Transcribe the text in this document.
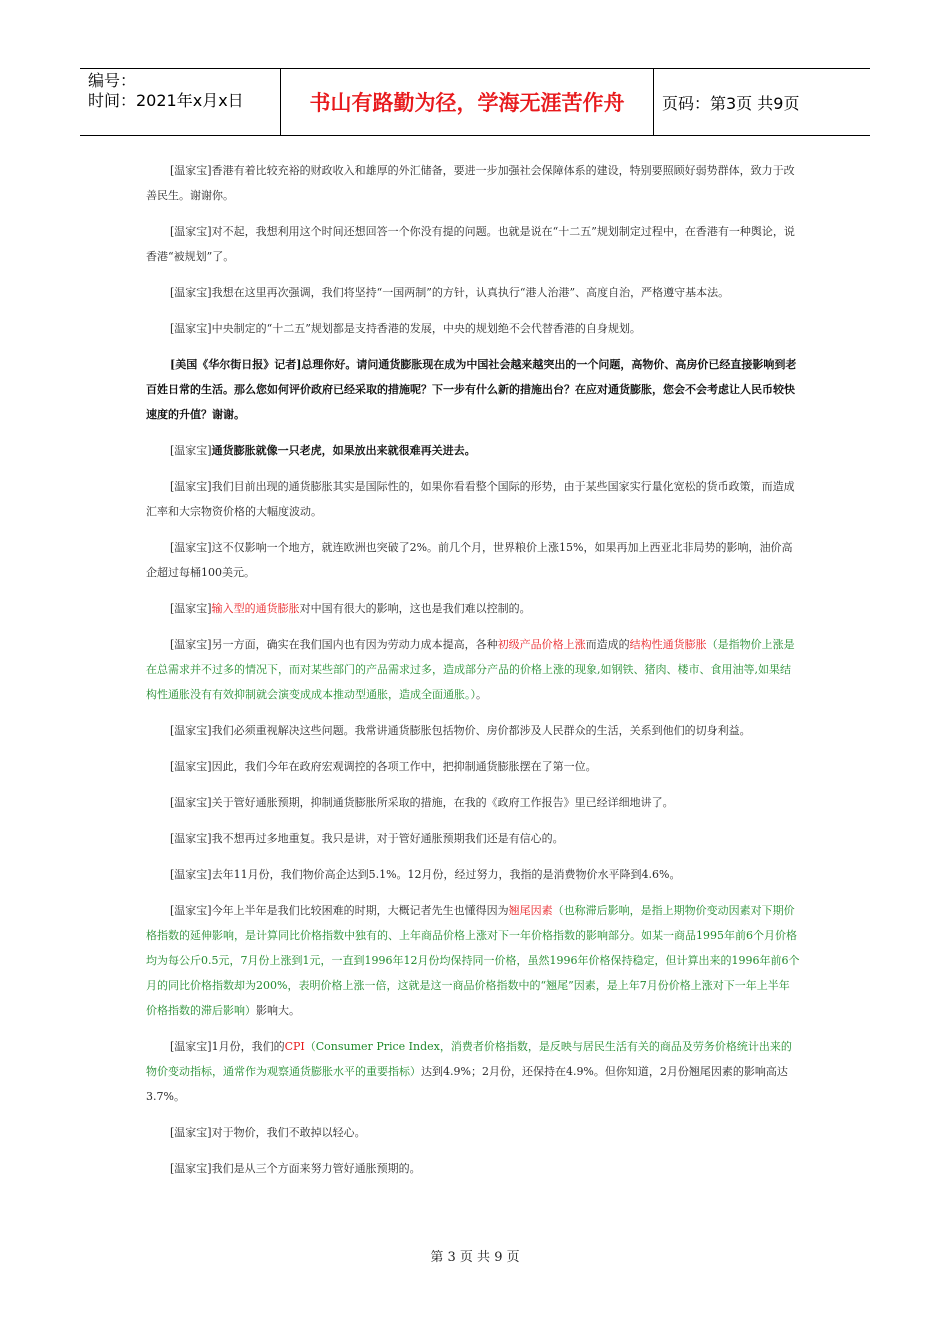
编号：
时间：2021年x月x日	书山有路勤为径，学海无涯苦作舟	页码：第3页 共9页

[温家宝]香港有着比较充裕的财政收入和雄厚的外汇储备，要进一步加强社会保障体系的建设，特别要照顾好弱势群体，致力于改善民生。谢谢你。

[温家宝]对不起，我想利用这个时间还想回答一个你没有提的问题。也就是说在“十二五”规划制定过程中，在香港有一种舆论，说香港“被规划”了。

[温家宝]我想在这里再次强调，我们将坚持“一国两制”的方针，认真执行“港人治港”、高度自治，严格遵守基本法。

[温家宝]中央制定的“十二五”规划都是支持香港的发展，中央的规划绝不会代替香港的自身规划。

[美国《华尔街日报》记者]总理你好。请问通货膨胀现在成为中国社会越来越突出的一个问题，高物价、高房价已经直接影响到老百姓日常的生活。那么您如何评价政府已经采取的措施呢？下一步有什么新的措施出台？在应对通货膨胀，您会不会考虑让人民币较快速度的升值？谢谢。

[温家宝]通货膨胀就像一只老虎，如果放出来就很难再关进去。

[温家宝]我们目前出现的通货膨胀其实是国际性的，如果你看看整个国际的形势，由于某些国家实行量化宽松的货币政策，而造成汇率和大宗物资价格的大幅度波动。

[温家宝]这不仅影响一个地方，就连欧洲也突破了2%。前几个月，世界粮价上涨15%，如果再加上西亚北非局势的影响，油价高企超过每桶100美元。

[温家宝]输入型的通货膨胀对中国有很大的影响，这也是我们难以控制的。

[温家宝]另一方面，确实在我们国内也有因为劳动力成本提高，各种初级产品价格上涨而造成的结构性通货膨胀（是指物价上涨是在总需求并不过多的情况下，而对某些部门的产品需求过多，造成部分产品的价格上涨的现象,如钢铁、猪肉、楼市、食用油等,如果结构性通胀没有有效抑制就会演变成成本推动型通胀，造成全面通胀。）。

[温家宝]我们必须重视解决这些问题。我常讲通货膨胀包括物价、房价都涉及人民群众的生活，关系到他们的切身利益。

[温家宝]因此，我们今年在政府宏观调控的各项工作中，把抑制通货膨胀摆在了第一位。

[温家宝]关于管好通胀预期，抑制通货膨胀所采取的措施，在我的《政府工作报告》里已经详细地讲了。

[温家宝]我不想再过多地重复。我只是讲，对于管好通胀预期我们还是有信心的。

[温家宝]去年11月份，我们物价高企达到5.1%。12月份，经过努力，我指的是消费物价水平降到4.6%。

[温家宝]今年上半年是我们比较困难的时期，大概记者先生也懂得因为翘尾因素（也称滞后影响，是指上期物价变动因素对下期价格指数的延伸影响，是计算同比价格指数中独有的、上年商品价格上涨对下一年价格指数的影响部分。如某一商品1995年前6个月价格均为每公斤0.5元，7月份上涨到1元，一直到1996年12月份均保持同一价格，虽然1996年价格保持稳定，但计算出来的1996年前6个月的同比价格指数却为200%，表明价格上涨一倍，这就是这一商品价格指数中的“翘尾”因素，是上年7月份价格上涨对下一年上半年价格指数的滞后影响）影响大。

[温家宝]1月份，我们的CPI（Consumer Price Index，消费者价格指数，是反映与居民生活有关的商品及劳务价格统计出来的物价变动指标，通常作为观察通货膨胀水平的重要指标）达到4.9%；2月份，还保持在4.9%。但你知道，2月份翘尾因素的影响高达3.7%。

[温家宝]对于物价，我们不敢掉以轻心。

[温家宝]我们是从三个方面来努力管好通胀预期的。

第 3 页 共 9 页
